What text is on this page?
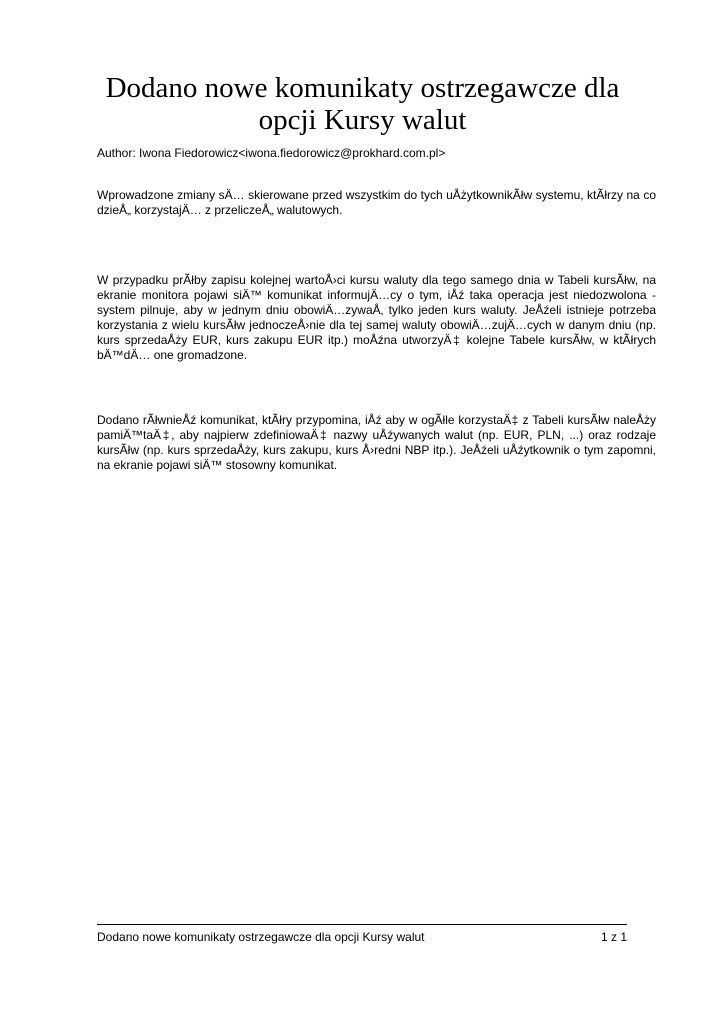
Dodano nowe komunikaty ostrzegawcze dla opcji Kursy walut

Author: Iwona Fiedorowicz<iwona.fiedorowicz@prokhard.com.pl>

Wprowadzone zmiany sÄ… skierowane przed wszystkim do tych uÅżytkownikÃłw systemu, ktÃłrzy na co dzieÅ„ korzystajÄ… z przeliczeÅ„ walutowych.

W przypadku prÃłby zapisu kolejnej wartoÅ›ci kursu waluty dla tego samego dnia w Tabeli kursÃłw, na ekranie monitora pojawi siÄ™ komunikat informujÄ…cy o tym, iÅź taka operacja jest niedozwolona - system pilnuje, aby w jednym dniu obowiÄ…zywaÅ‚ tylko jeden kurs waluty. JeÅźeli istnieje potrzeba korzystania z wielu kursÃłw jednoczeÅ›nie dla tej samej waluty obowiÄ…zujÄ…cych w danym dniu (np. kurs sprzedaÅży EUR, kurs zakupu EUR itp.) moÅźna utworzyÄ‡ kolejne Tabele kursÃłw, w ktÃłrych bÄ™dÄ… one gromadzone.

Dodano rÃłwnieÅź komunikat, ktÃłry przypomina, iÅź aby w ogÃłle korzystaÄ‡ z Tabeli kursÃłw naleÅży pamiÄ™taÄ‡, aby najpierw zdefiniowaÄ‡ nazwy uÅźywanych walut (np. EUR, PLN, ...) oraz rodzaje kursÃłw (np. kurs sprzedaÅży, kurs zakupu, kurs Å›redni NBP itp.). JeÅźeli uÅźytkownik o tym zapomni, na ekranie pojawi siÄ™ stosowny komunikat.

Dodano nowe komunikaty ostrzegawcze dla opcji Kursy walut	1 z 1
